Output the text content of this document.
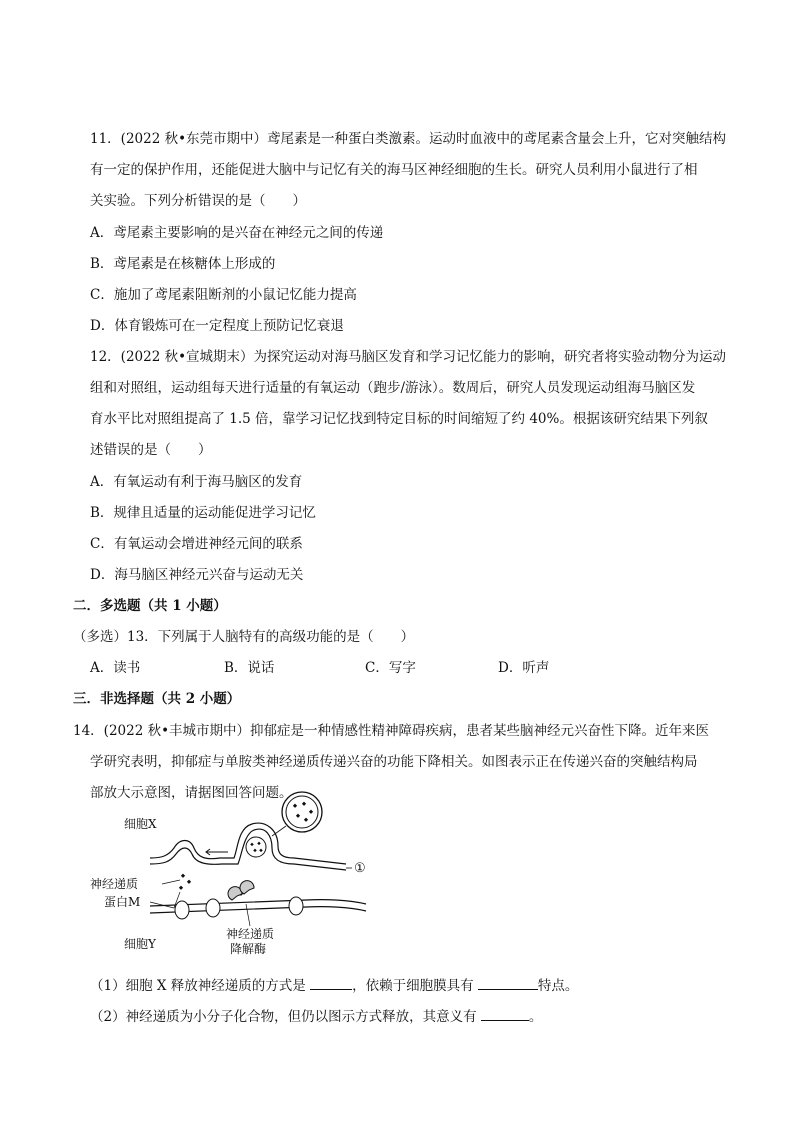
11．(2022 秋•东莞市期中）鸢尾素是一种蛋白类激素。运动时血液中的鸢尾素含量会上升，它对突触结构
有一定的保护作用，还能促进大脑中与记忆有关的海马区神经细胞的生长。研究人员利用小鼠进行了相
关实验。下列分析错误的是（　　）
A．鸢尾素主要影响的是兴奋在神经元之间的传递
B．鸢尾素是在核糖体上形成的
C．施加了鸢尾素阻断剂的小鼠记忆能力提高
D．体育锻炼可在一定程度上预防记忆衰退
12．(2022 秋•宣城期末）为探究运动对海马脑区发育和学习记忆能力的影响，研究者将实验动物分为运动
组和对照组，运动组每天进行适量的有氧运动（跑步/游泳）。数周后，研究人员发现运动组海马脑区发
育水平比对照组提高了 1.5 倍，靠学习记忆找到特定目标的时间缩短了约 40%。根据该研究结果下列叙
述错误的是（　　）
A．有氧运动有利于海马脑区的发育
B．规律且适量的运动能促进学习记忆
C．有氧运动会增进神经元间的联系
D．海马脑区神经元兴奋与运动无关
二．多选题（共 1 小题）
（多选）13．下列属于人脑特有的高级功能的是（　　）
A．读书	B．说话	C．写字	D．听声
三．非选择题（共 2 小题）
14．(2022 秋•丰城市期中）抑郁症是一种情感性精神障碍疾病，患者某些脑神经元兴奋性下降。近年来医
学研究表明，抑郁症与单胺类神经递质传递兴奋的功能下降相关。如图表示正在传递兴奋的突触结构局
部放大示意图，请据图回答问题。
细胞X
神经递质
蛋白M
细胞Y
神经递质
降解酶
①
（1）细胞 X 释放神经递质的方式是	，依赖于细胞膜具有	特点。
（2）神经递质为小分子化合物，但仍以图示方式释放，其意义有	。
